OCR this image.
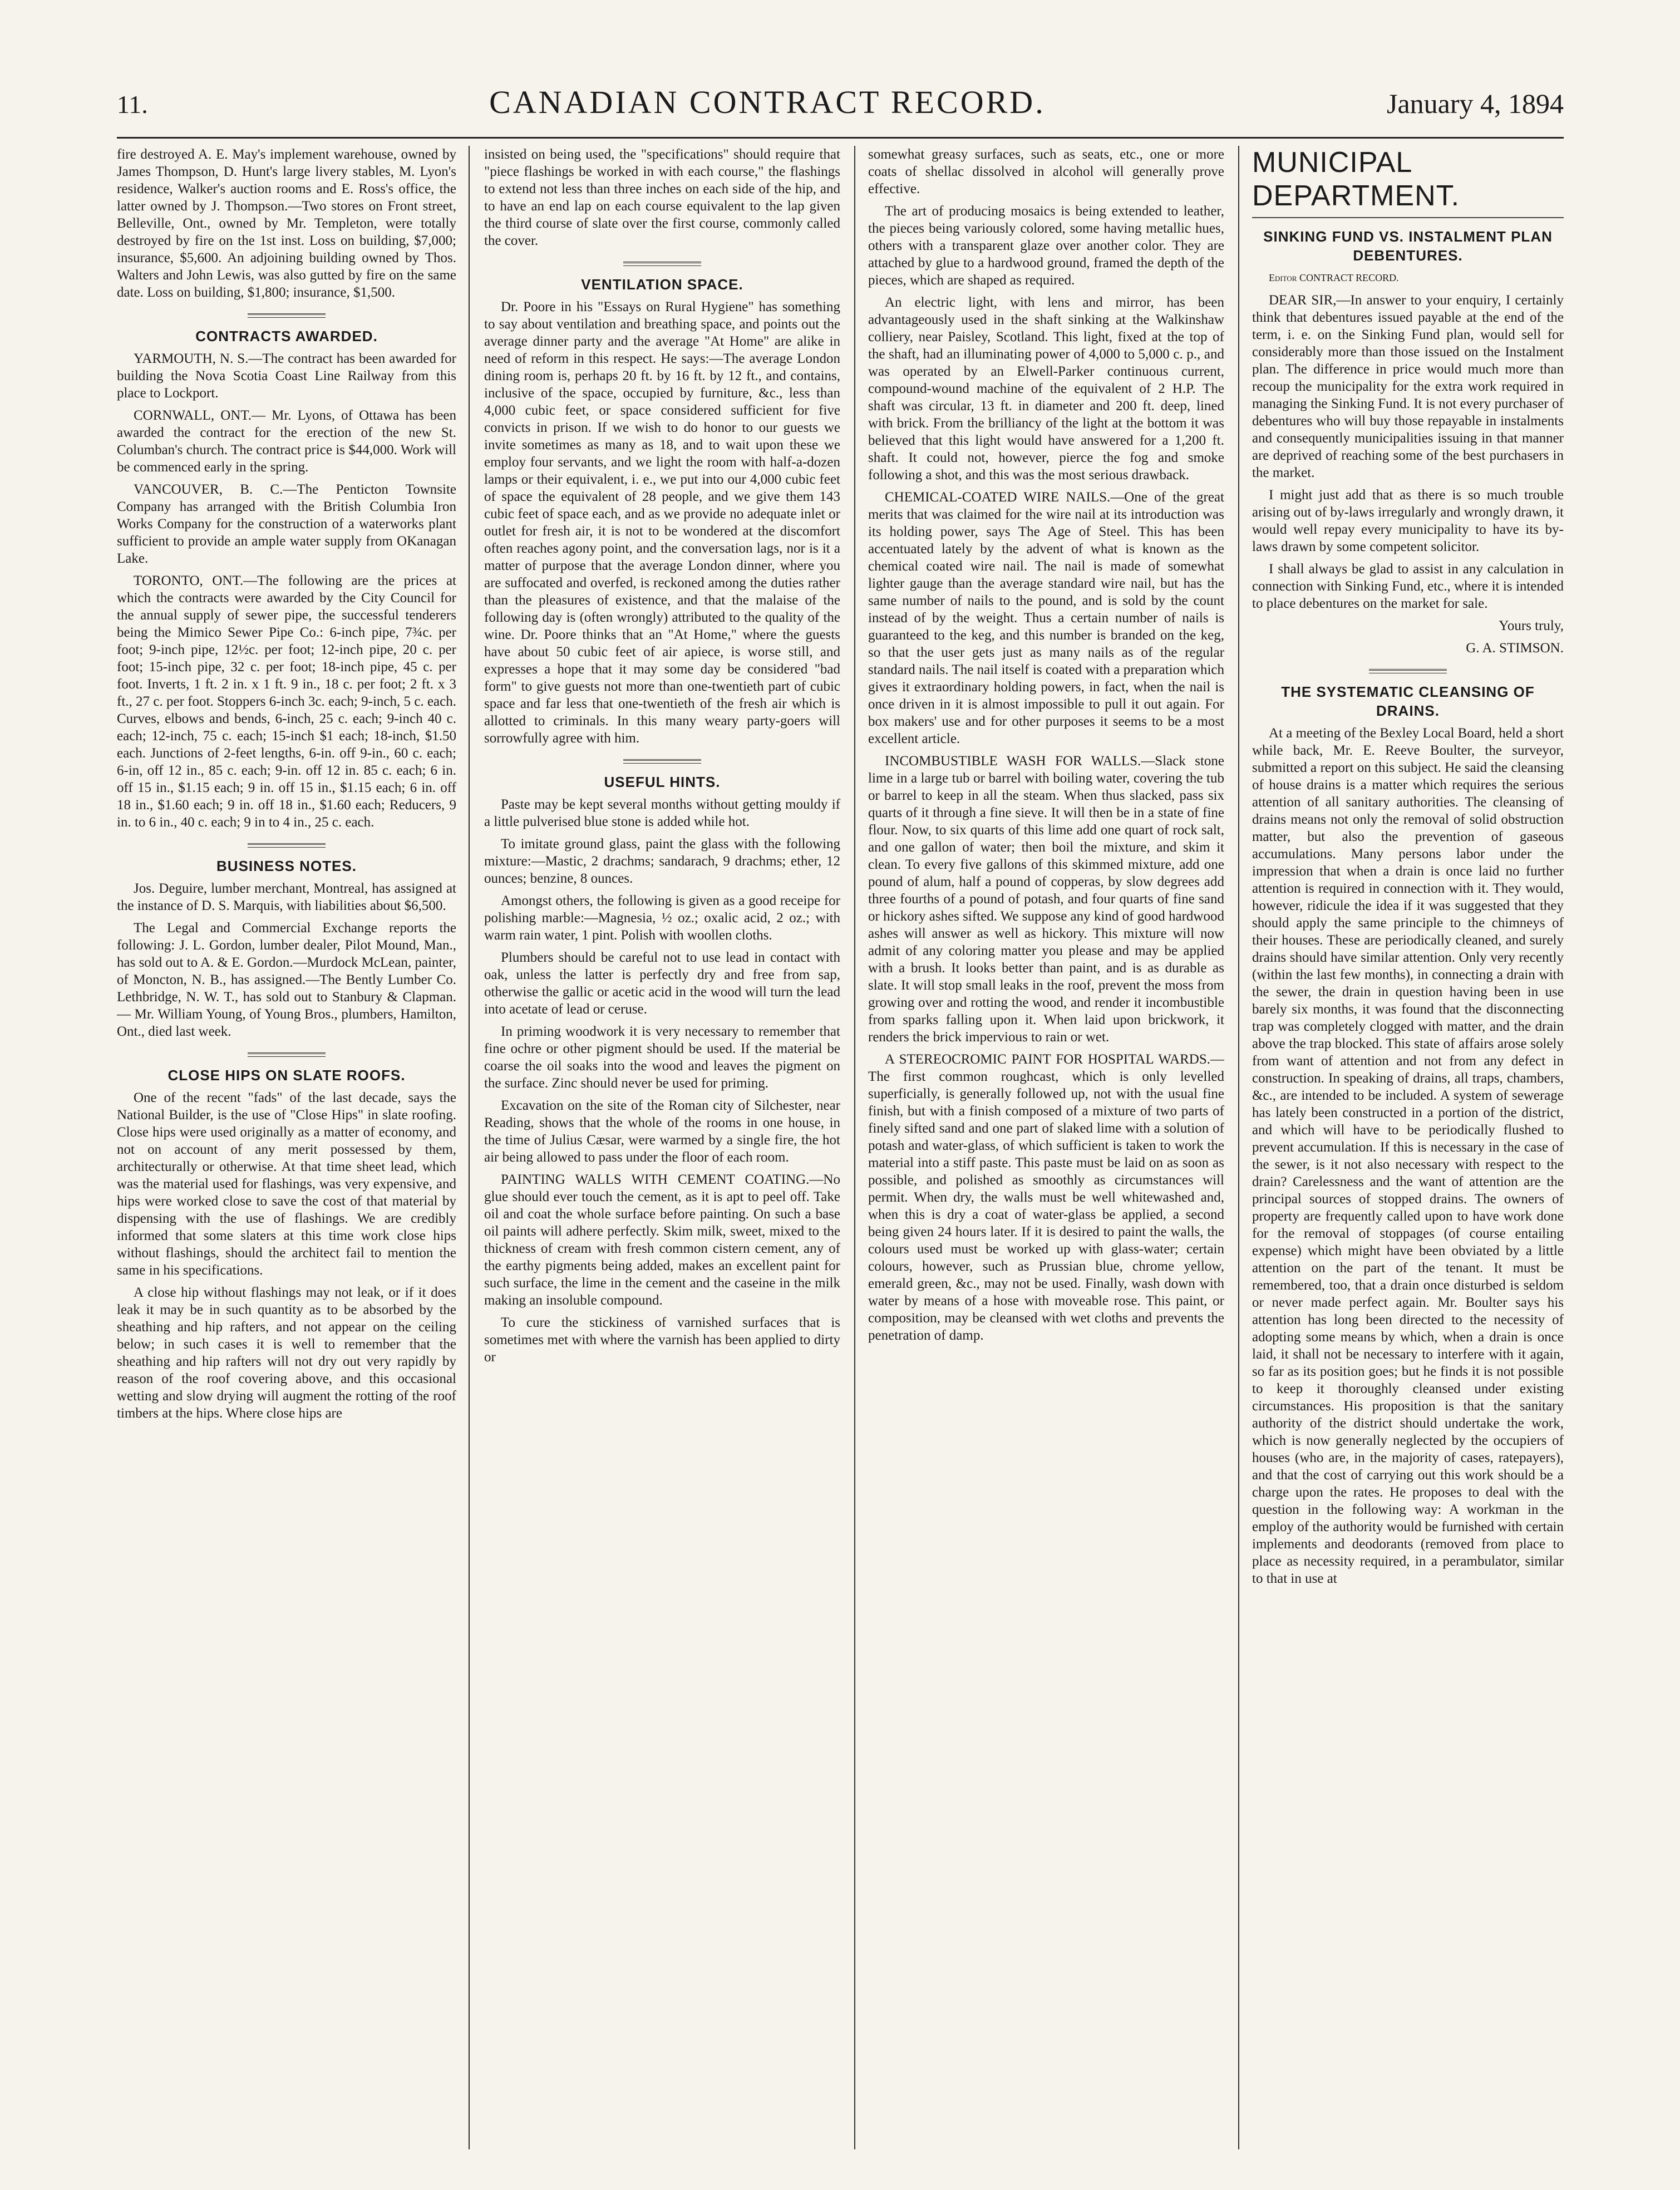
11.	CANADIAN CONTRACT RECORD.	January 4, 1894

fire destroyed A. E. May's implement warehouse, owned by James Thompson, D. Hunt's large livery stables, M. Lyon's residence, Walker's auction rooms and E. Ross's office, the latter owned by J. Thompson.—Two stores on Front street, Belleville, Ont., owned by Mr. Templeton, were totally destroyed by fire on the 1st inst. Loss on building, $7,000; insurance, $5,600. An adjoining building owned by Thos. Walters and John Lewis, was also gutted by fire on the same date. Loss on building, $1,800; insurance, $1,500.

CONTRACTS AWARDED.

YARMOUTH, N. S.—The contract has been awarded for building the Nova Scotia Coast Line Railway from this place to Lockport.

CORNWALL, ONT.— Mr. Lyons, of Ottawa has been awarded the contract for the erection of the new St. Columban's church. The contract price is $44,000. Work will be commenced early in the spring.

VANCOUVER, B. C.—The Penticton Townsite Company has arranged with the British Columbia Iron Works Company for the construction of a waterworks plant sufficient to provide an ample water supply from OKanagan Lake.

TORONTO, ONT.—The following are the prices at which the contracts were awarded by the City Council for the annual supply of sewer pipe, the successful tenderers being the Mimico Sewer Pipe Co.: 6-inch pipe, 7¾c. per foot; 9-inch pipe, 12½c. per foot; 12-inch pipe, 20 c. per foot; 15-inch pipe, 32 c. per foot; 18-inch pipe, 45 c. per foot. Inverts, 1 ft. 2 in. x 1 ft. 9 in., 18 c. per foot; 2 ft. x 3 ft., 27 c. per foot. Stoppers 6-inch 3c. each; 9-inch, 5 c. each. Curves, elbows and bends, 6-inch, 25 c. each; 9-inch 40 c. each; 12-inch, 75 c. each; 15-inch $1 each; 18-inch, $1.50 each. Junctions of 2-feet lengths, 6-in. off 9-in., 60 c. each; 6-in, off 12 in., 85 c. each; 9-in. off 12 in. 85 c. each; 6 in. off 15 in., $1.15 each; 9 in. off 15 in., $1.15 each; 6 in. off 18 in., $1.60 each; 9 in. off 18 in., $1.60 each; Reducers, 9 in. to 6 in., 40 c. each; 9 in to 4 in., 25 c. each.

BUSINESS NOTES.

Jos. Deguire, lumber merchant, Montreal, has assigned at the instance of D. S. Marquis, with liabilities about $6,500.

The Legal and Commercial Exchange reports the following: J. L. Gordon, lumber dealer, Pilot Mound, Man., has sold out to A. & E. Gordon.—Murdock McLean, painter, of Moncton, N. B., has assigned.—The Bently Lumber Co. Lethbridge, N. W. T., has sold out to Stanbury & Clapman. — Mr. William Young, of Young Bros., plumbers, Hamilton, Ont., died last week.

CLOSE HIPS ON SLATE ROOFS.

One of the recent "fads" of the last decade, says the National Builder, is the use of "Close Hips" in slate roofing. Close hips were used originally as a matter of economy, and not on account of any merit possessed by them, architecturally or otherwise. At that time sheet lead, which was the material used for flashings, was very expensive, and hips were worked close to save the cost of that material by dispensing with the use of flashings. We are credibly informed that some slaters at this time work close hips without flashings, should the architect fail to mention the same in his specifications.

A close hip without flashings may not leak, or if it does leak it may be in such quantity as to be absorbed by the sheathing and hip rafters, and not appear on the ceiling below; in such cases it is well to remember that the sheathing and hip rafters will not dry out very rapidly by reason of the roof covering above, and this occasional wetting and slow drying will augment the rotting of the roof timbers at the hips. Where close hips are

insisted on being used, the "specifications" should require that "piece flashings be worked in with each course," the flashings to extend not less than three inches on each side of the hip, and to have an end lap on each course equivalent to the lap given the third course of slate over the first course, commonly called the cover.

VENTILATION SPACE.

Dr. Poore in his "Essays on Rural Hygiene" has something to say about ventilation and breathing space, and points out the average dinner party and the average "At Home" are alike in need of reform in this respect. He says:—The average London dining room is, perhaps 20 ft. by 16 ft. by 12 ft., and contains, inclusive of the space, occupied by furniture, &c., less than 4,000 cubic feet, or space considered sufficient for five convicts in prison. If we wish to do honor to our guests we invite sometimes as many as 18, and to wait upon these we employ four servants, and we light the room with half-a-dozen lamps or their equivalent, i. e., we put into our 4,000 cubic feet of space the equivalent of 28 people, and we give them 143 cubic feet of space each, and as we provide no adequate inlet or outlet for fresh air, it is not to be wondered at the discomfort often reaches agony point, and the conversation lags, nor is it a matter of purpose that the average London dinner, where you are suffocated and overfed, is reckoned among the duties rather than the pleasures of existence, and that the malaise of the following day is (often wrongly) attributed to the quality of the wine. Dr. Poore thinks that an "At Home," where the guests have about 50 cubic feet of air apiece, is worse still, and expresses a hope that it may some day be considered "bad form" to give guests not more than one-twentieth part of cubic space and far less that one-twentieth of the fresh air which is allotted to criminals. In this many weary party-goers will sorrowfully agree with him.

USEFUL HINTS.

Paste may be kept several months without getting mouldy if a little pulverised blue stone is added while hot.

To imitate ground glass, paint the glass with the following mixture:—Mastic, 2 drachms; sandarach, 9 drachms; ether, 12 ounces; benzine, 8 ounces.

Amongst others, the following is given as a good receipe for polishing marble:—Magnesia, ½ oz.; oxalic acid, 2 oz.; with warm rain water, 1 pint. Polish with woollen cloths.

Plumbers should be careful not to use lead in contact with oak, unless the latter is perfectly dry and free from sap, otherwise the gallic or acetic acid in the wood will turn the lead into acetate of lead or ceruse.

In priming woodwork it is very necessary to remember that fine ochre or other pigment should be used. If the material be coarse the oil soaks into the wood and leaves the pigment on the surface. Zinc should never be used for priming.

Excavation on the site of the Roman city of Silchester, near Reading, shows that the whole of the rooms in one house, in the time of Julius Cæsar, were warmed by a single fire, the hot air being allowed to pass under the floor of each room.

PAINTING WALLS WITH CEMENT COATING.—No glue should ever touch the cement, as it is apt to peel off. Take oil and coat the whole surface before painting. On such a base oil paints will adhere perfectly. Skim milk, sweet, mixed to the thickness of cream with fresh common cistern cement, any of the earthy pigments being added, makes an excellent paint for such surface, the lime in the cement and the caseine in the milk making an insoluble compound.

To cure the stickiness of varnished surfaces that is sometimes met with where the varnish has been applied to dirty or

somewhat greasy surfaces, such as seats, etc., one or more coats of shellac dissolved in alcohol will generally prove effective.

The art of producing mosaics is being extended to leather, the pieces being variously colored, some having metallic hues, others with a transparent glaze over another color. They are attached by glue to a hardwood ground, framed the depth of the pieces, which are shaped as required.

An electric light, with lens and mirror, has been advantageously used in the shaft sinking at the Walkinshaw colliery, near Paisley, Scotland. This light, fixed at the top of the shaft, had an illuminating power of 4,000 to 5,000 c. p., and was operated by an Elwell-Parker continuous current, compound-wound machine of the equivalent of 2 H.P. The shaft was circular, 13 ft. in diameter and 200 ft. deep, lined with brick. From the brilliancy of the light at the bottom it was believed that this light would have answered for a 1,200 ft. shaft. It could not, however, pierce the fog and smoke following a shot, and this was the most serious drawback.

CHEMICAL-COATED WIRE NAILS.—One of the great merits that was claimed for the wire nail at its introduction was its holding power, says The Age of Steel. This has been accentuated lately by the advent of what is known as the chemical coated wire nail. The nail is made of somewhat lighter gauge than the average standard wire nail, but has the same number of nails to the pound, and is sold by the count instead of by the weight. Thus a certain number of nails is guaranteed to the keg, and this number is branded on the keg, so that the user gets just as many nails as of the regular standard nails. The nail itself is coated with a preparation which gives it extraordinary holding powers, in fact, when the nail is once driven in it is almost impossible to pull it out again. For box makers' use and for other purposes it seems to be a most excellent article.

INCOMBUSTIBLE WASH FOR WALLS.—Slack stone lime in a large tub or barrel with boiling water, covering the tub or barrel to keep in all the steam. When thus slacked, pass six quarts of it through a fine sieve. It will then be in a state of fine flour. Now, to six quarts of this lime add one quart of rock salt, and one gallon of water; then boil the mixture, and skim it clean. To every five gallons of this skimmed mixture, add one pound of alum, half a pound of copperas, by slow degrees add three fourths of a pound of potash, and four quarts of fine sand or hickory ashes sifted. We suppose any kind of good hardwood ashes will answer as well as hickory. This mixture will now admit of any coloring matter you please and may be applied with a brush. It looks better than paint, and is as durable as slate. It will stop small leaks in the roof, prevent the moss from growing over and rotting the wood, and render it incombustible from sparks falling upon it. When laid upon brickwork, it renders the brick impervious to rain or wet.

A STEREOCROMIC PAINT FOR HOSPITAL WARDS.—The first common roughcast, which is only levelled superficially, is generally followed up, not with the usual fine finish, but with a finish composed of a mixture of two parts of finely sifted sand and one part of slaked lime with a solution of potash and water-glass, of which sufficient is taken to work the material into a stiff paste. This paste must be laid on as soon as possible, and polished as smoothly as circumstances will permit. When dry, the walls must be well whitewashed and, when this is dry a coat of water-glass be applied, a second being given 24 hours later. If it is desired to paint the walls, the colours used must be worked up with glass-water; certain colours, however, such as Prussian blue, chrome yellow, emerald green, &c., may not be used. Finally, wash down with water by means of a hose with moveable rose. This paint, or composition, may be cleansed with wet cloths and prevents the penetration of damp.

MUNICIPAL DEPARTMENT.
SINKING FUND VS. INSTALMENT PLAN DEBENTURES.

Editor CONTRACT RECORD.

DEAR SIR,—In answer to your enquiry, I certainly think that debentures issued payable at the end of the term, i. e. on the Sinking Fund plan, would sell for considerably more than those issued on the Instalment plan. The difference in price would much more than recoup the municipality for the extra work required in managing the Sinking Fund. It is not every purchaser of debentures who will buy those repayable in instalments and consequently municipalities issuing in that manner are deprived of reaching some of the best purchasers in the market.

I might just add that as there is so much trouble arising out of by-laws irregularly and wrongly drawn, it would well repay every municipality to have its by-laws drawn by some competent solicitor.

I shall always be glad to assist in any calculation in connection with Sinking Fund, etc., where it is intended to place debentures on the market for sale.

Yours truly,

G. A. STIMSON.

THE SYSTEMATIC CLEANSING OF DRAINS.

At a meeting of the Bexley Local Board, held a short while back, Mr. E. Reeve Boulter, the surveyor, submitted a report on this subject. He said the cleansing of house drains is a matter which requires the serious attention of all sanitary authorities. The cleansing of drains means not only the removal of solid obstruction matter, but also the prevention of gaseous accumulations. Many persons labor under the impression that when a drain is once laid no further attention is required in connection with it. They would, however, ridicule the idea if it was suggested that they should apply the same principle to the chimneys of their houses. These are periodically cleaned, and surely drains should have similar attention. Only very recently (within the last few months), in connecting a drain with the sewer, the drain in question having been in use barely six months, it was found that the disconnecting trap was completely clogged with matter, and the drain above the trap blocked. This state of affairs arose solely from want of attention and not from any defect in construction. In speaking of drains, all traps, chambers, &c., are intended to be included. A system of sewerage has lately been constructed in a portion of the district, and which will have to be periodically flushed to prevent accumulation. If this is necessary in the case of the sewer, is it not also necessary with respect to the drain? Carelessness and the want of attention are the principal sources of stopped drains. The owners of property are frequently called upon to have work done for the removal of stoppages (of course entailing expense) which might have been obviated by a little attention on the part of the tenant. It must be remembered, too, that a drain once disturbed is seldom or never made perfect again. Mr. Boulter says his attention has long been directed to the necessity of adopting some means by which, when a drain is once laid, it shall not be necessary to interfere with it again, so far as its position goes; but he finds it is not possible to keep it thoroughly cleansed under existing circumstances. His proposition is that the sanitary authority of the district should undertake the work, which is now generally neglected by the occupiers of houses (who are, in the majority of cases, ratepayers), and that the cost of carrying out this work should be a charge upon the rates. He proposes to deal with the question in the following way: A workman in the employ of the authority would be furnished with certain implements and deodorants (removed from place to place as necessity required, in a perambulator, similar to that in use at
